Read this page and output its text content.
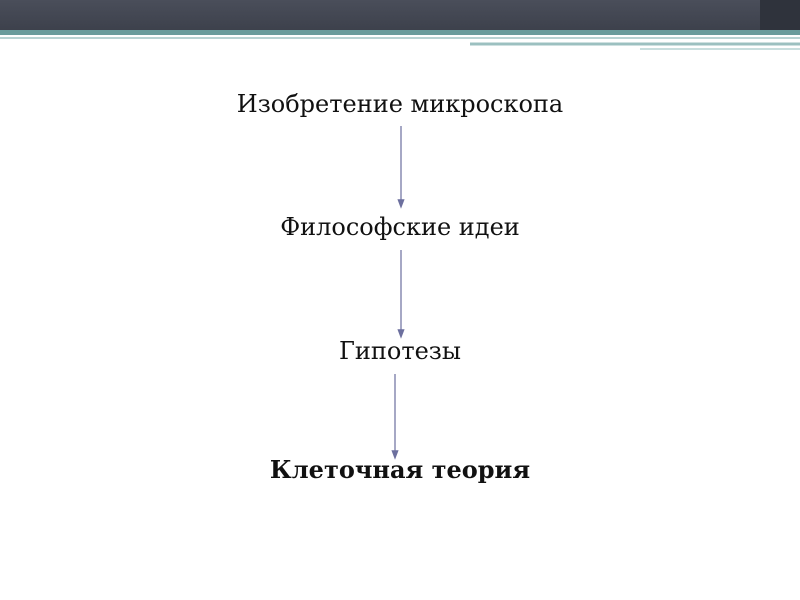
Изобретение микроскопа
Философские идеи
Гипотезы
Клеточная теория
